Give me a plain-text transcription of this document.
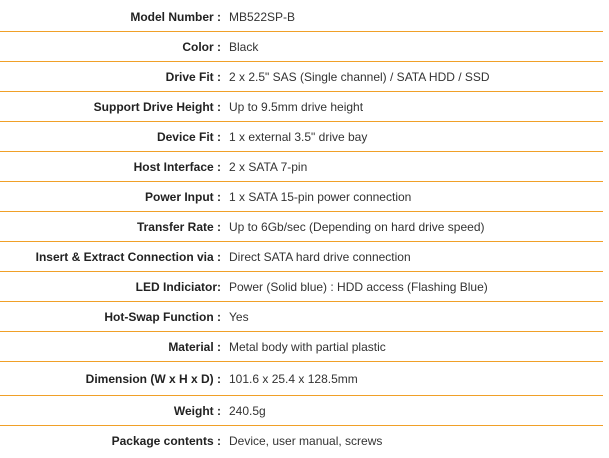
Model Number : MB522SP-B
Color : Black
Drive Fit : 2 x 2.5" SAS (Single channel) / SATA HDD / SSD
Support Drive Height : Up to 9.5mm drive height
Device Fit : 1 x external 3.5" drive bay
Host Interface : 2 x SATA 7-pin
Power Input : 1 x SATA 15-pin power connection
Transfer Rate : Up to 6Gb/sec (Depending on hard drive speed)
Insert & Extract Connection via : Direct SATA hard drive connection
LED Indiciator: Power (Solid blue) : HDD access (Flashing Blue)
Hot-Swap Function : Yes
Material : Metal body with partial plastic
Dimension (W x H x D) : 101.6 x 25.4 x 128.5mm
Weight : 240.5g
Package contents : Device, user manual, screws
